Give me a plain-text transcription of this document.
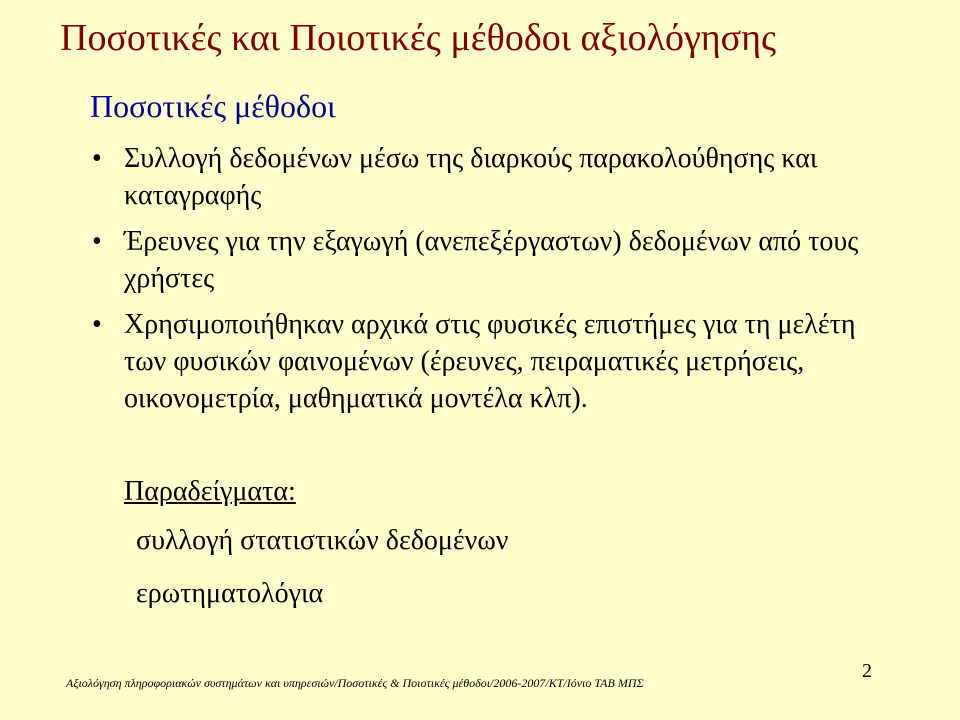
Ποσοτικές και Ποιοτικές μέθοδοι αξιολόγησης
Ποσοτικές μέθοδοι
• Συλλογή δεδομένων μέσω της διαρκούς παρακολούθησης και καταγραφής
• Έρευνες για την εξαγωγή (ανεπεξέργαστων) δεδομένων από τους χρήστες
• Χρησιμοποιήθηκαν αρχικά στις φυσικές επιστήμες για τη μελέτη των φυσικών φαινομένων (έρευνες, πειραματικές μετρήσεις, οικονομετρία, μαθηματικά μοντέλα κλπ).
Παραδείγματα:
συλλογή στατιστικών δεδομένων
ερωτηματολόγια
Αξιολόγηση πληροφοριακών συστημάτων και υπηρεσιών/Ποσοτικές & Ποιοτικές μέθοδοι/2006-2007/ΚΤ/Ιόνιο ΤΑΒ ΜΠΣ
2
